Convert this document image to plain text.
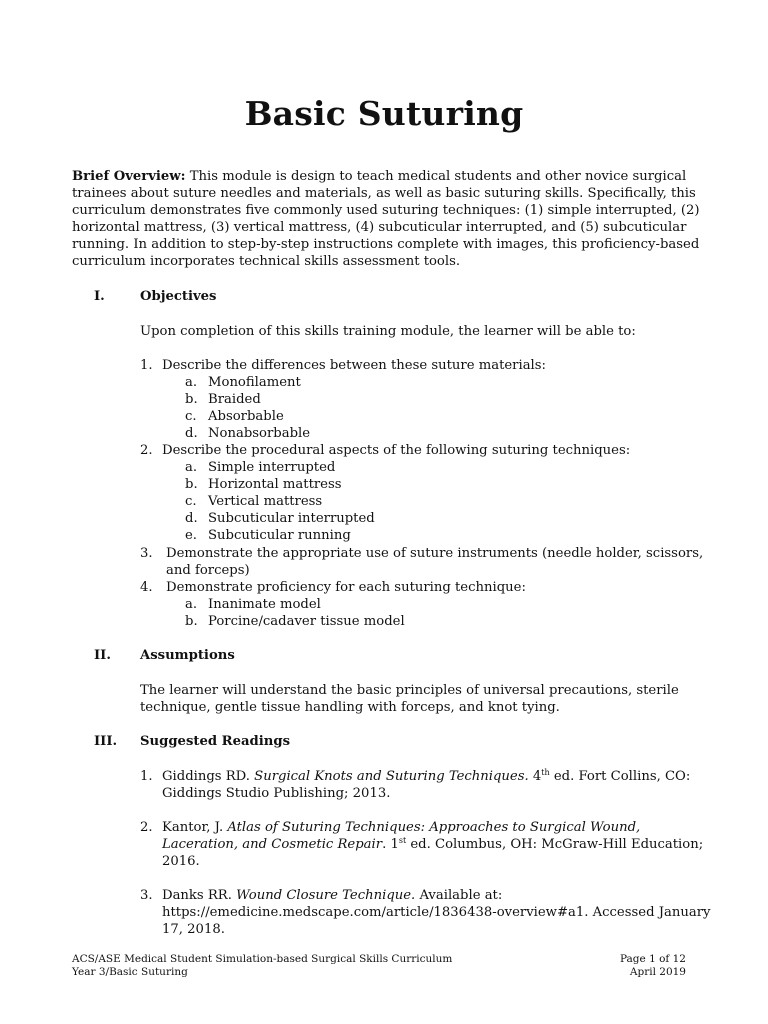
Basic Suturing
Brief Overview: This module is design to teach medical students and other novice surgical
trainees about suture needles and materials, as well as basic suturing skills. Specifically, this
curriculum demonstrates five commonly used suturing techniques: (1) simple interrupted, (2)
horizontal mattress, (3) vertical mattress, (4) subcuticular interrupted, and (5) subcuticular
running. In addition to step-by-step instructions complete with images, this proficiency-based
curriculum incorporates technical skills assessment tools.
I.	Objectives
Upon completion of this skills training module, the learner will be able to:
1. Describe the differences between these suture materials:
a. Monofilament
b. Braided
c. Absorbable
d. Nonabsorbable
2. Describe the procedural aspects of the following suturing techniques:
a. Simple interrupted
b. Horizontal mattress
c. Vertical mattress
d. Subcuticular interrupted
e. Subcuticular running
3. Demonstrate the appropriate use of suture instruments (needle holder, scissors,
and forceps)
4. Demonstrate proficiency for each suturing technique:
a. Inanimate model
b. Porcine/cadaver tissue model
II. Assumptions
The learner will understand the basic principles of universal precautions, sterile
technique, gentle tissue handling with forceps, and knot tying.
III. Suggested Readings
1. Giddings RD. Surgical Knots and Suturing Techniques. 4th ed. Fort Collins, CO:
Giddings Studio Publishing; 2013.
2. Kantor, J. Atlas of Suturing Techniques: Approaches to Surgical Wound,
Laceration, and Cosmetic Repair. 1st ed. Columbus, OH: McGraw-Hill Education;
2016.
3. Danks RR. Wound Closure Technique. Available at:
https://emedicine.medscape.com/article/1836438-overview#a1. Accessed January
17, 2018.
ACS/ASE Medical Student Simulation-based Surgical Skills Curriculum
Year 3/Basic Suturing
Page 1 of 12
April 2019
